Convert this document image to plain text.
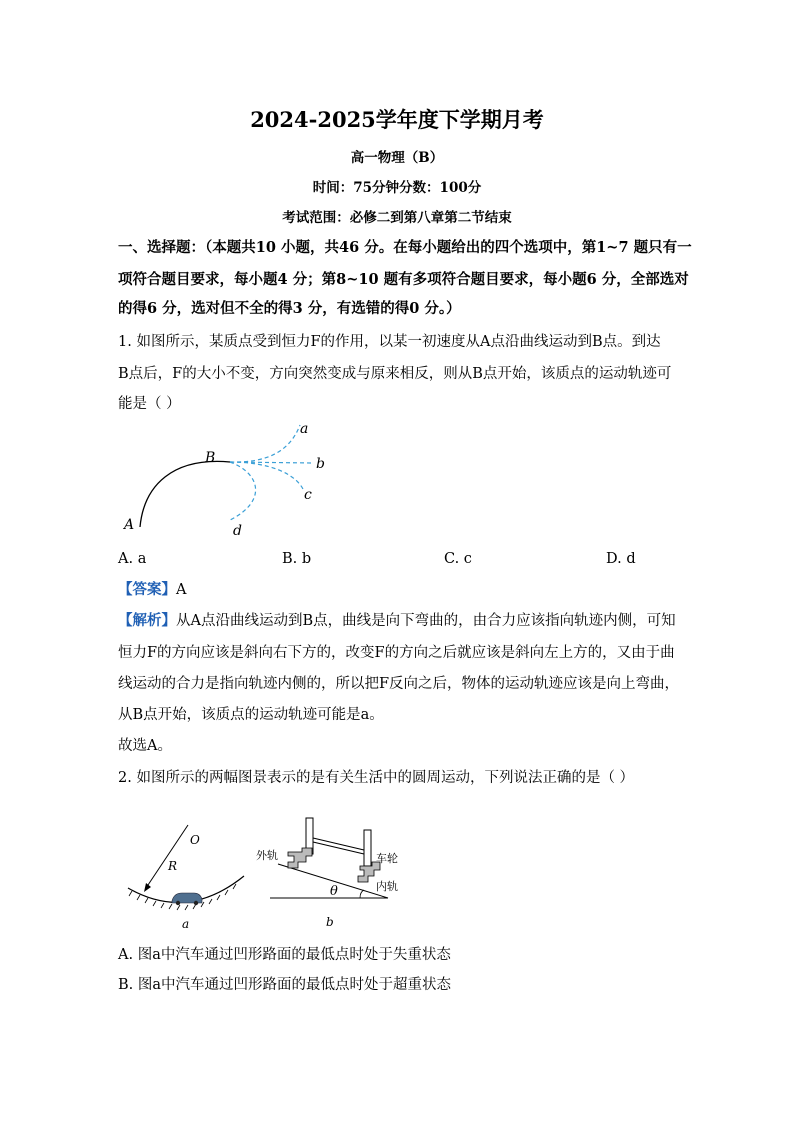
2024-2025学年度下学期月考
高一物理（B）
时间：75分钟分数：100分
考试范围：必修二到第八章第二节结束
一、选择题：（本题共10 小题，共46 分。在每小题给出的四个选项中，第1~7 题只有一
项符合题目要求，每小题4 分；第8~10 题有多项符合题目要求，每小题6 分，全部选对
的得6 分，选对但不全的得3 分，有选错的得0 分。）
1. 如图所示，某质点受到恒力F的作用，以某一初速度从A点沿曲线运动到B点。到达
B点后，F的大小不变，方向突然变成与原来相反，则从B点开始，该质点的运动轨迹可
能是（ ）
A
B
a
b
c
d
A. a	B. b	C. c	D. d
【答案】A
【解析】从A点沿曲线运动到B点，曲线是向下弯曲的，由合力应该指向轨迹内侧，可知
恒力F的方向应该是斜向右下方的，改变F的方向之后就应该是斜向左上方的，又由于曲
线运动的合力是指向轨迹内侧的，所以把F反向之后，物体的运动轨迹应该是向上弯曲，
从B点开始，该质点的运动轨迹可能是a。
故选A。
2. 如图所示的两幅图景表示的是有关生活中的圆周运动，下列说法正确的是（ ）
O
R
a
外轨	车轮
内轨
θ
b
A. 图a中汽车通过凹形路面的最低点时处于失重状态
B. 图a中汽车通过凹形路面的最低点时处于超重状态
